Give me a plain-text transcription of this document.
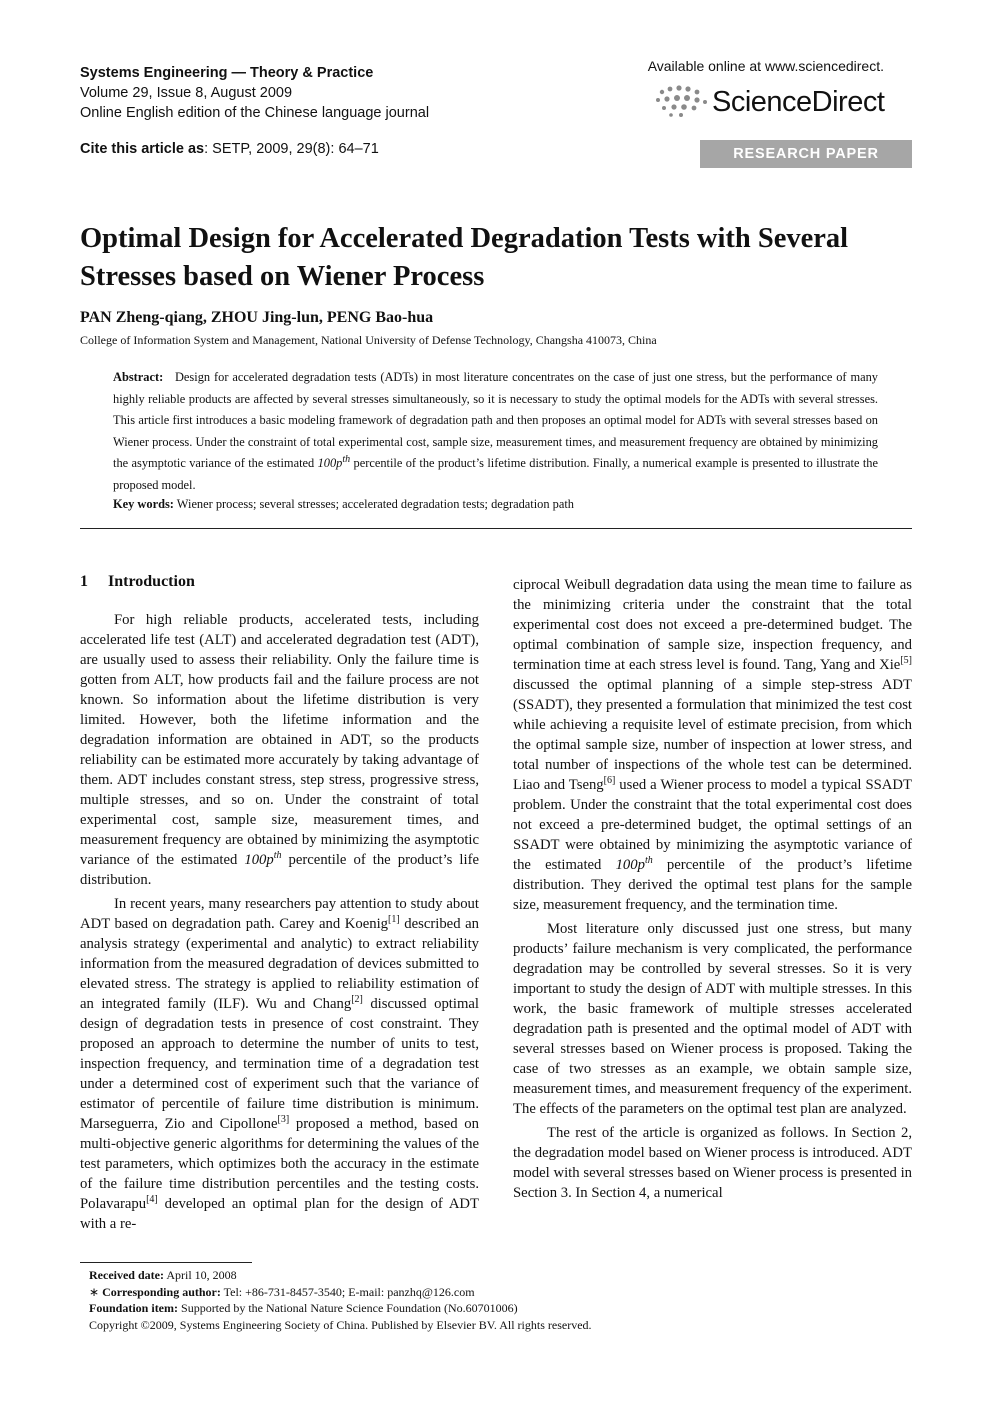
Systems Engineering — Theory & Practice
Volume 29, Issue 8, August 2009
Online English edition of the Chinese language journal
Cite this article as: SETP, 2009, 29(8): 64–71
Available online at www.sciencedirect.
ScienceDirect
RESEARCH PAPER
Optimal Design for Accelerated Degradation Tests with Several Stresses based on Wiener Process
PAN Zheng-qiang, ZHOU Jing-lun, PENG Bao-hua
College of Information System and Management, National University of Defense Technology, Changsha 410073, China
Abstract: Design for accelerated degradation tests (ADTs) in most literature concentrates on the case of just one stress, but the performance of many highly reliable products are affected by several stresses simultaneously, so it is necessary to study the optimal models for the ADTs with several stresses. This article first introduces a basic modeling framework of degradation path and then proposes an optimal model for ADTs with several stresses based on Wiener process. Under the constraint of total experimental cost, sample size, measurement times, and measurement frequency are obtained by minimizing the asymptotic variance of the estimated $100p^{th}$ percentile of the product’s lifetime distribution. Finally, a numerical example is presented to illustrate the proposed model.
Key words: Wiener process; several stresses; accelerated degradation tests; degradation path
1 Introduction

For high reliable products, accelerated tests, including accelerated life test (ALT) and accelerated degradation test (ADT), are usually used to assess their reliability. Only the failure time is gotten from ALT, how products fail and the failure process are not known. So information about the lifetime distribution is very limited. However, both the lifetime information and the degradation information are obtained in ADT, so the products reliability can be estimated more accurately by taking advantage of them. ADT includes constant stress, step stress, progressive stress, multiple stresses, and so on. Under the constraint of total experimental cost, sample size, measurement times, and measurement frequency are obtained by minimizing the asymptotic variance of the estimated $100p^{th}$ percentile of the product’s life distribution.

In recent years, many researchers pay attention to study about ADT based on degradation path. Carey and Koenig[1] described an analysis strategy (experimental and analytic) to extract reliability information from the measured degradation of devices submitted to elevated stress. The strategy is applied to reliability estimation of an integrated family (ILF). Wu and Chang[2] discussed optimal design of degradation tests in presence of cost constraint. They proposed an approach to determine the number of units to test, inspection frequency, and termination time of a degradation test under a determined cost of experiment such that the variance of estimator of percentile of failure time distribution is minimum. Marseguerra, Zio and Cipollone[3] proposed a method, based on multi-objective generic algorithms for determining the values of the test parameters, which optimizes both the accuracy in the estimate of the failure time distribution percentiles and the testing costs. Polavarapu[4] developed an optimal plan for the design of ADT with a re-

ciprocal Weibull degradation data using the mean time to failure as the minimizing criteria under the constraint that the total experimental cost does not exceed a pre-determined budget. The optimal combination of sample size, inspection frequency, and termination time at each stress level is found. Tang, Yang and Xie[5] discussed the optimal planning of a simple step-stress ADT (SSADT), they presented a formulation that minimized the test cost while achieving a requisite level of estimate precision, from which the optimal sample size, number of inspection at lower stress, and total number of inspections of the whole test can be determined. Liao and Tseng[6] used a Wiener process to model a typical SSADT problem. Under the constraint that the total experimental cost does not exceed a pre-determined budget, the optimal settings of an SSADT were obtained by minimizing the asymptotic variance of the estimated $100p^{th}$ percentile of the product’s lifetime distribution. They derived the optimal test plans for the sample size, measurement frequency, and the termination time.

Most literature only discussed just one stress, but many products’ failure mechanism is very complicated, the performance degradation may be controlled by several stresses. So it is very important to study the design of ADT with multiple stresses. In this work, the basic framework of multiple stresses accelerated degradation path is presented and the optimal model of ADT with several stresses based on Wiener process is proposed. Taking the case of two stresses as an example, we obtain sample size, measurement times, and measurement frequency of the experiment. The effects of the parameters on the optimal test plan are analyzed.

The rest of the article is organized as follows. In Section 2, the degradation model based on Wiener process is introduced. ADT model with several stresses based on Wiener process is presented in Section 3. In Section 4, a numerical

Received date: April 10, 2008
∗ Corresponding author: Tel: +86-731-8457-3540; E-mail: panzhq@126.com
Foundation item: Supported by the National Nature Science Foundation (No.60701006)
Copyright ©2009, Systems Engineering Society of China. Published by Elsevier BV. All rights reserved.
